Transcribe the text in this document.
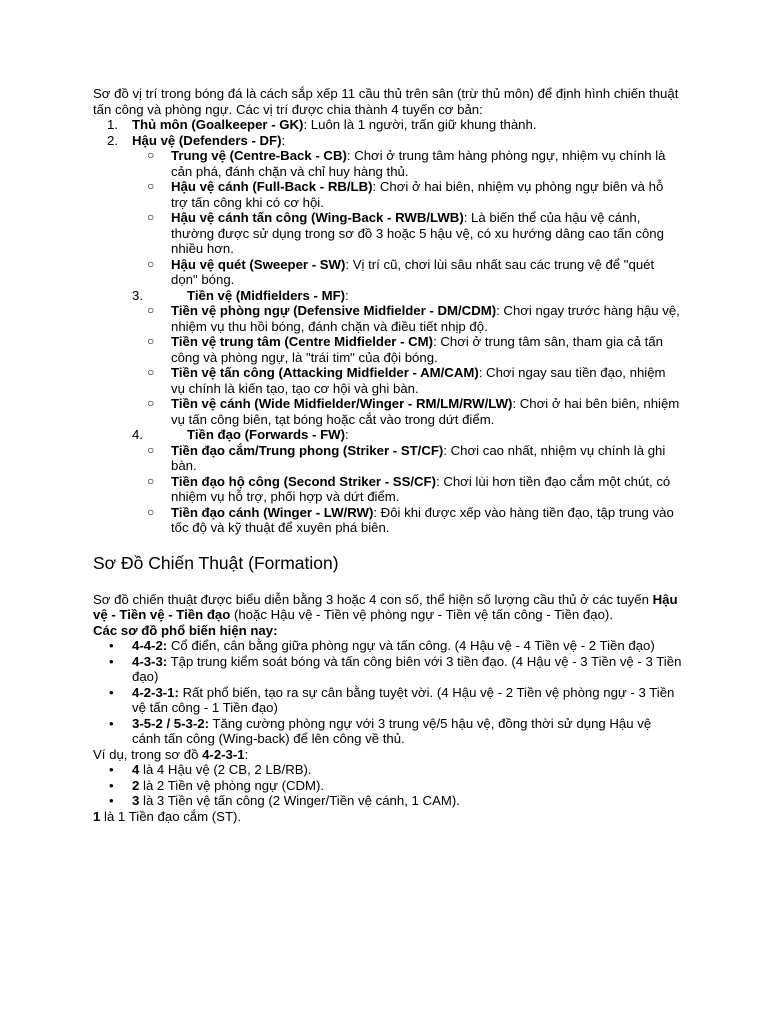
Sơ đồ vị trí trong bóng đá là cách sắp xếp 11 cầu thủ trên sân (trừ thủ môn) để định hình chiến thuật tấn công và phòng ngự. Các vị trí được chia thành 4 tuyến cơ bản:

1. Thủ môn (Goalkeeper - GK): Luôn là 1 người, trấn giữ khung thành.
2. Hậu vệ (Defenders - DF):
○ Trung vệ (Centre-Back - CB): Chơi ở trung tâm hàng phòng ngự, nhiệm vụ chính là cản phá, đánh chặn và chỉ huy hàng thủ.
○ Hậu vệ cánh (Full-Back - RB/LB): Chơi ở hai biên, nhiệm vụ phòng ngự biên và hỗ trợ tấn công khi có cơ hội.
○ Hậu vệ cánh tấn công (Wing-Back - RWB/LWB): Là biến thể của hậu vệ cánh, thường được sử dụng trong sơ đồ 3 hoặc 5 hậu vệ, có xu hướng dâng cao tấn công nhiều hơn.
○ Hậu vệ quét (Sweeper - SW): Vị trí cũ, chơi lùi sâu nhất sau các trung vệ để "quét dọn" bóng.
3.	Tiền vệ (Midfielders - MF):
○ Tiền vệ phòng ngự (Defensive Midfielder - DM/CDM): Chơi ngay trước hàng hậu vệ, nhiệm vụ thu hồi bóng, đánh chặn và điều tiết nhịp độ.
○ Tiền vệ trung tâm (Centre Midfielder - CM): Chơi ở trung tâm sân, tham gia cả tấn công và phòng ngự, là "trái tim" của đội bóng.
○ Tiền vệ tấn công (Attacking Midfielder - AM/CAM): Chơi ngay sau tiền đạo, nhiệm vụ chính là kiến tạo, tạo cơ hội và ghi bàn.
○ Tiền vệ cánh (Wide Midfielder/Winger - RM/LM/RW/LW): Chơi ở hai bên biên, nhiệm vụ tấn công biên, tạt bóng hoặc cắt vào trong dứt điểm.
4.	Tiền đạo (Forwards - FW):
○ Tiền đạo cắm/Trung phong (Striker - ST/CF): Chơi cao nhất, nhiệm vụ chính là ghi bàn.
○ Tiền đạo hộ công (Second Striker - SS/CF): Chơi lùi hơn tiền đạo cắm một chút, có nhiệm vụ hỗ trợ, phối hợp và dứt điểm.
○ Tiền đạo cánh (Winger - LW/RW): Đôi khi được xếp vào hàng tiền đạo, tập trung vào tốc độ và kỹ thuật để xuyên phá biên.
Sơ Đồ Chiến Thuật (Formation)

Sơ đồ chiến thuật được biểu diễn bằng 3 hoặc 4 con số, thể hiện số lượng cầu thủ ở các tuyến Hậu vệ - Tiền vệ - Tiền đạo (hoặc Hậu vệ - Tiền vệ phòng ngự - Tiền vệ tấn công - Tiền đạo).

Các sơ đồ phổ biến hiện nay:

• 4-4-2: Cổ điển, cân bằng giữa phòng ngự và tấn công. (4 Hậu vệ - 4 Tiền vệ - 2 Tiền đạo)
• 4-3-3: Tập trung kiểm soát bóng và tấn công biên với 3 tiền đạo. (4 Hậu vệ - 3 Tiền vệ - 3 Tiền đạo)
• 4-2-3-1: Rất phổ biến, tạo ra sự cân bằng tuyệt vời. (4 Hậu vệ - 2 Tiền vệ phòng ngự - 3 Tiền vệ tấn công - 1 Tiền đạo)
• 3-5-2 / 5-3-2: Tăng cường phòng ngự với 3 trung vệ/5 hậu vệ, đồng thời sử dụng Hậu vệ cánh tấn công (Wing-back) để lên công về thủ.

Ví dụ, trong sơ đồ 4-2-3-1:

• 4 là 4 Hậu vệ (2 CB, 2 LB/RB).
• 2 là 2 Tiền vệ phòng ngự (CDM).
• 3 là 3 Tiền vệ tấn công (2 Winger/Tiền vệ cánh, 1 CAM).

1 là 1 Tiền đạo cắm (ST).
